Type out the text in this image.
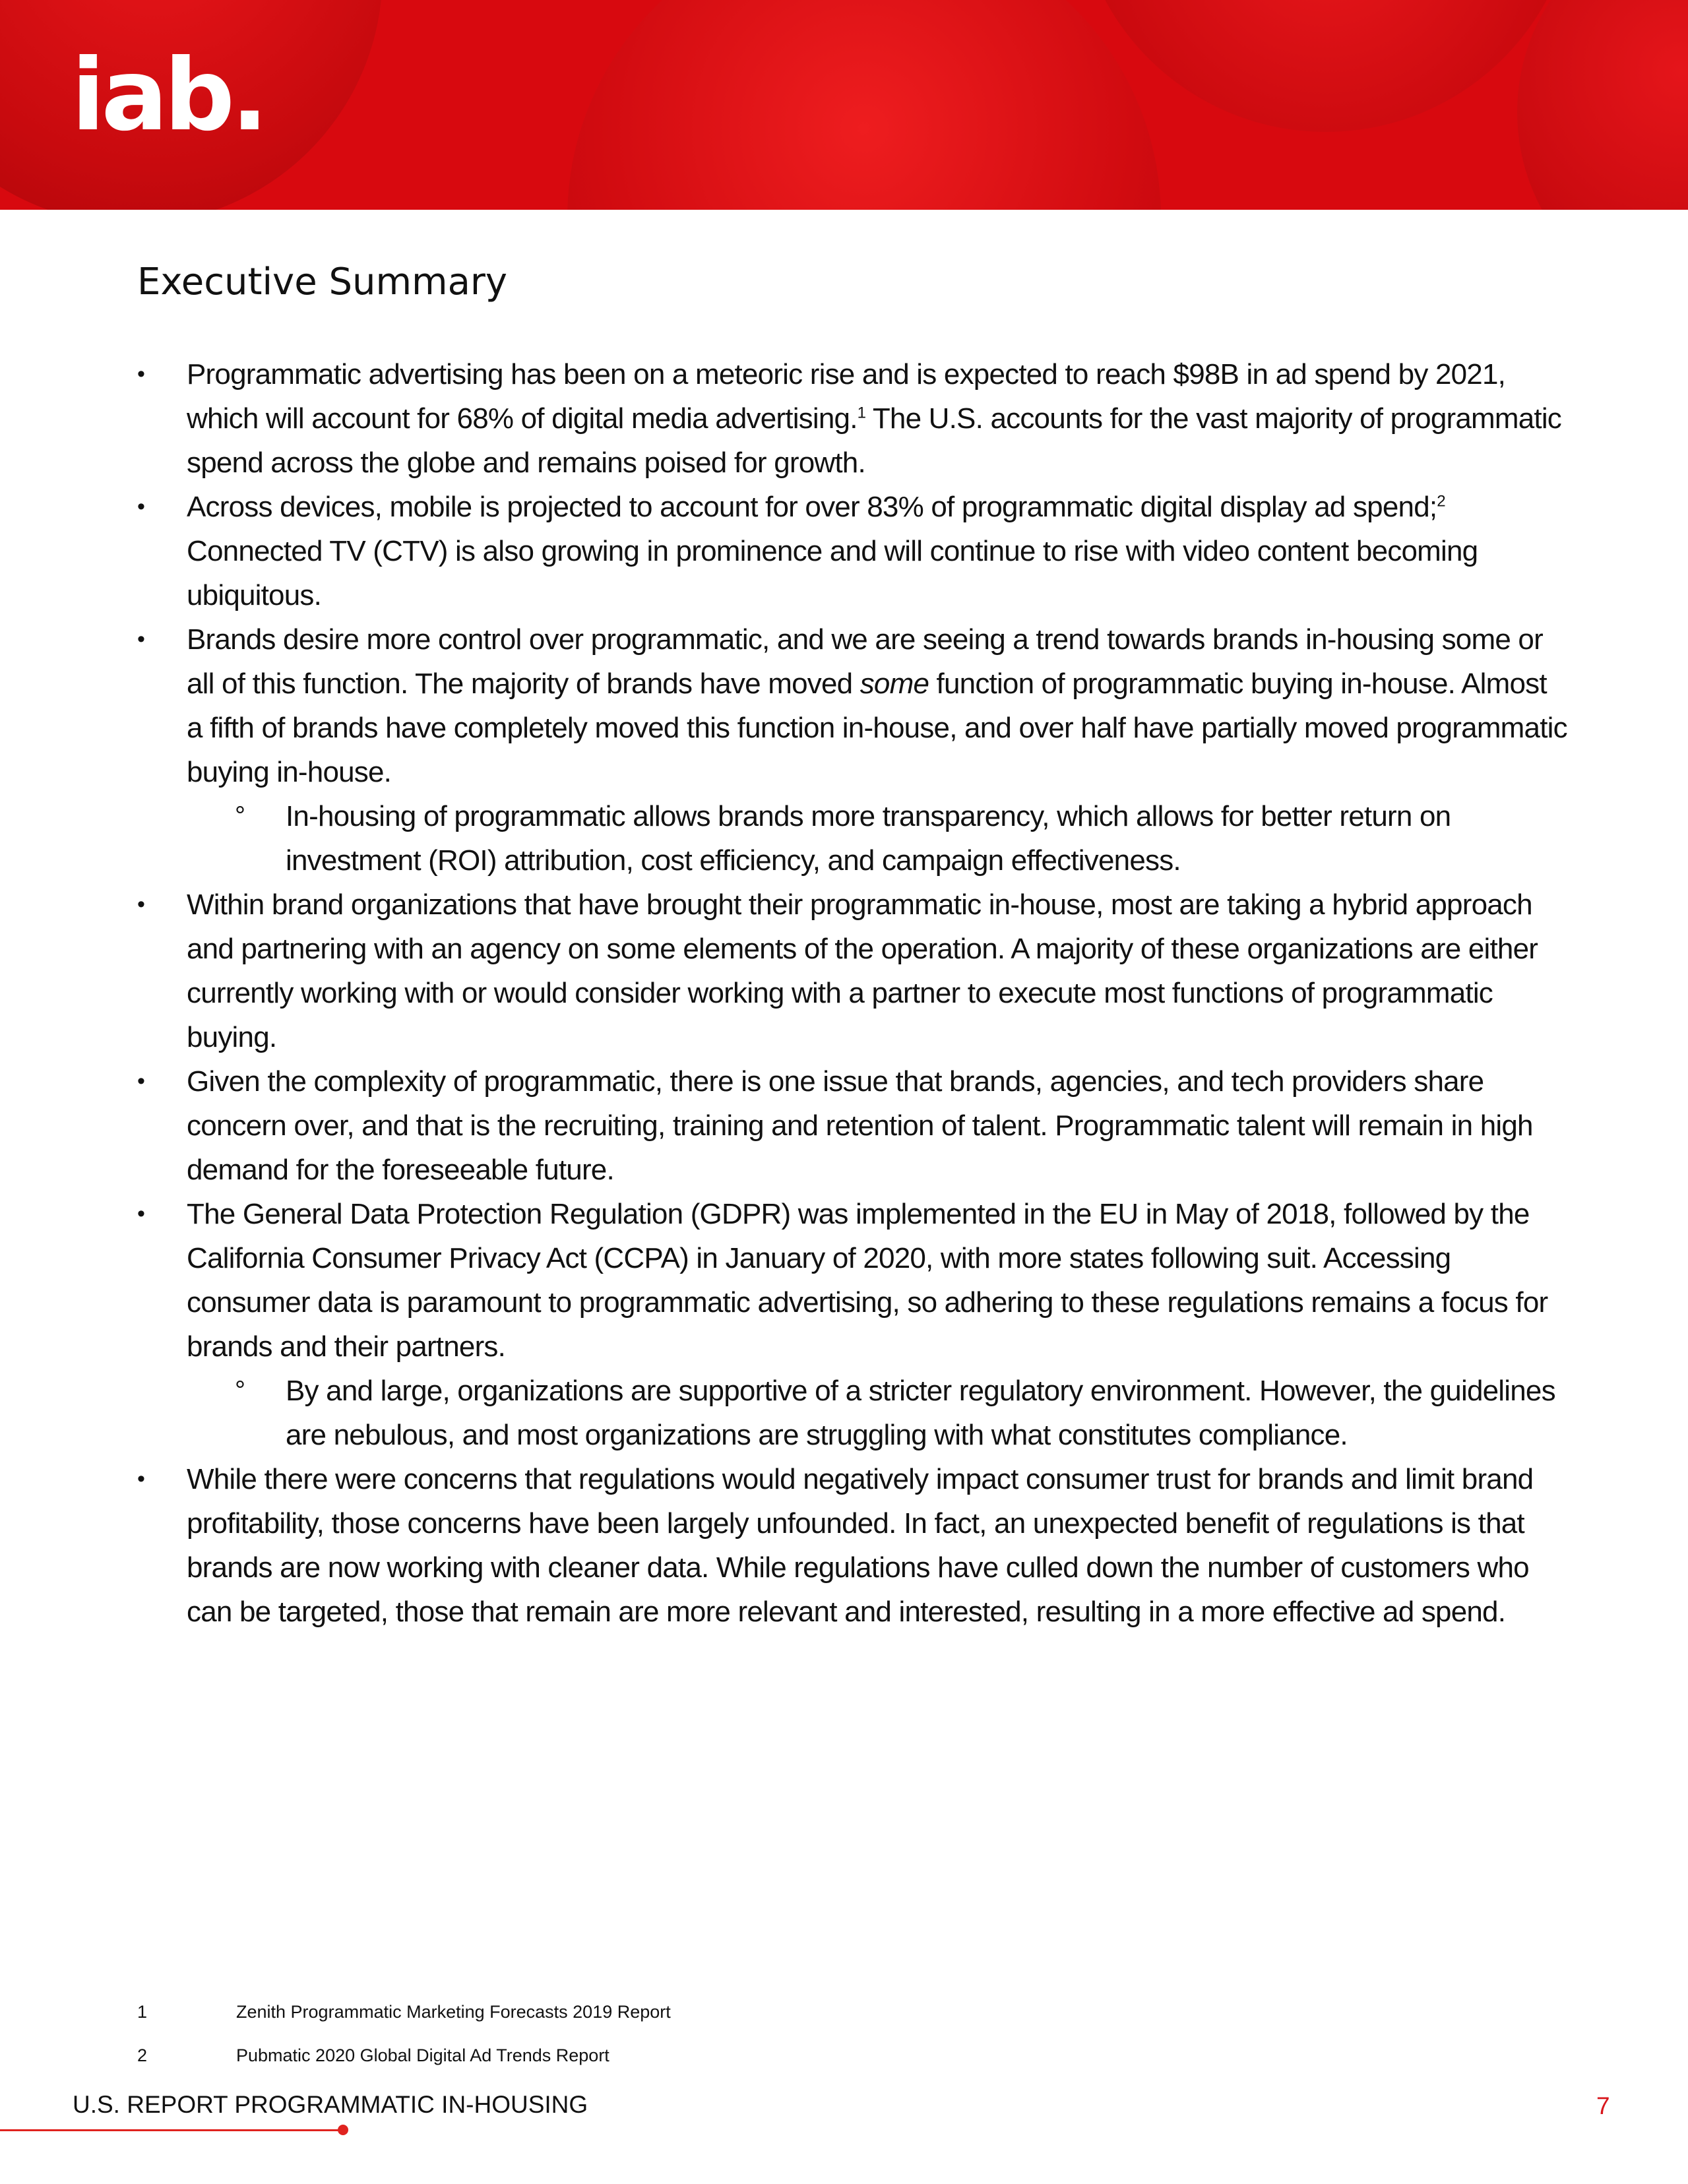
iab.
Executive Summary
• Programmatic advertising has been on a meteoric rise and is expected to reach $98B in ad spend by 2021, which will account for 68% of digital media advertising.$^1$ The U.S. accounts for the vast majority of programmatic spend across the globe and remains poised for growth.
• Across devices, mobile is projected to account for over 83% of programmatic digital display ad spend;$^2$ Connected TV (CTV) is also growing in prominence and will continue to rise with video content becoming ubiquitous.
• Brands desire more control over programmatic, and we are seeing a trend towards brands in-housing some or all of this function. The majority of brands have moved some function of programmatic buying in-house. Almost a fifth of brands have completely moved this function in-house, and over half have partially moved programmatic buying in-house.
° In-housing of programmatic allows brands more transparency, which allows for better return on investment (ROI) attribution, cost efficiency, and campaign effectiveness.
• Within brand organizations that have brought their programmatic in-house, most are taking a hybrid approach and partnering with an agency on some elements of the operation. A majority of these organizations are either currently working with or would consider working with a partner to execute most functions of programmatic buying.
• Given the complexity of programmatic, there is one issue that brands, agencies, and tech providers share concern over, and that is the recruiting, training and retention of talent. Programmatic talent will remain in high demand for the foreseeable future.
• The General Data Protection Regulation (GDPR) was implemented in the EU in May of 2018, followed by the California Consumer Privacy Act (CCPA) in January of 2020, with more states following suit. Accessing consumer data is paramount to programmatic advertising, so adhering to these regulations remains a focus for brands and their partners.
° By and large, organizations are supportive of a stricter regulatory environment. However, the guidelines are nebulous, and most organizations are struggling with what constitutes compliance.
• While there were concerns that regulations would negatively impact consumer trust for brands and limit brand profitability, those concerns have been largely unfounded. In fact, an unexpected benefit of regulations is that brands are now working with cleaner data. While regulations have culled down the number of customers who can be targeted, those that remain are more relevant and interested, resulting in a more effective ad spend.
1	Zenith Programmatic Marketing Forecasts 2019 Report
2	Pubmatic 2020 Global Digital Ad Trends Report
U.S. REPORT PROGRAMMATIC IN-HOUSING	7
